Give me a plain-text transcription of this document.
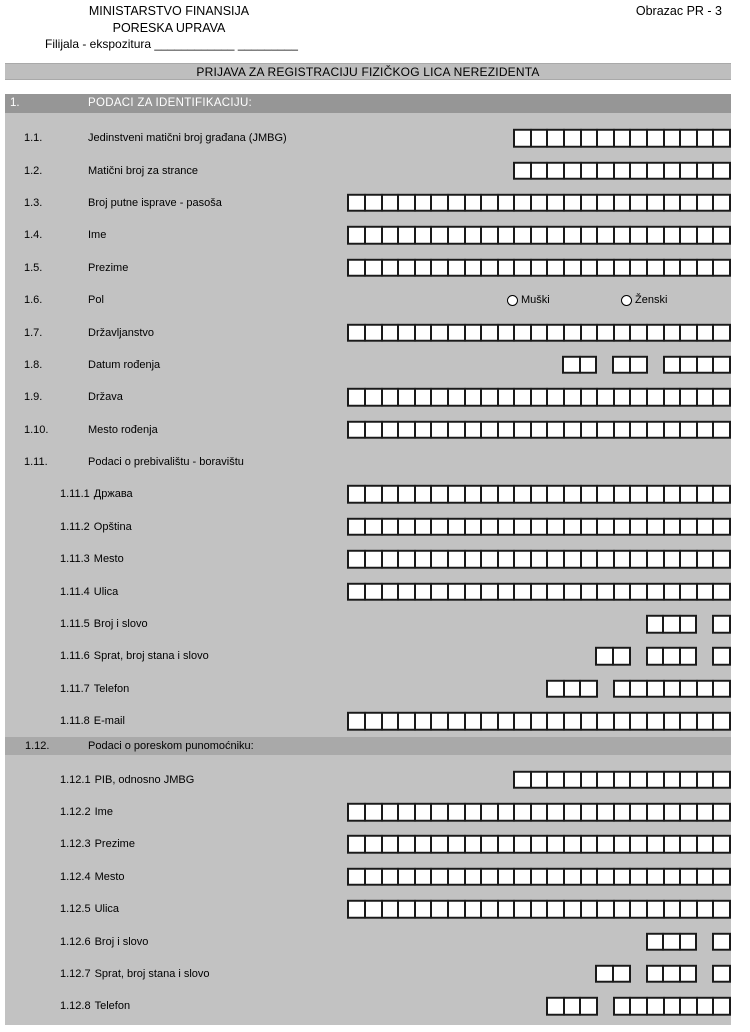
MINISTARSTVO FINANSIJA
PORESKA UPRAVA
Obrazac PR - 3
Filijala - ekspozitura ____________ _________
PRIJAVA ZA REGISTRACIJU FIZIČKOG LICA NEREZIDENTA
1.	PODACI ZA IDENTIFIKACIJU:
1.1.	Jedinstveni matični broj građana (JMBG)
1.2.	Matični broj za strance
1.3.	Broj putne isprave - pasoša
1.4.	Ime
1.5.	Prezime
1.6.	Pol	Muški	Ženski
1.7.	Državljanstvo
1.8.	Datum rođenja
1.9.	Država
1.10.	Mesto rođenja
1.11.	Podaci o prebivalištu - boravištu
1.11.1 Држава
1.11.2 Opština
1.11.3 Mesto
1.11.4 Ulica
1.11.5 Broj i slovo
1.11.6 Sprat, broj stana i slovo
1.11.7 Telefon
1.11.8 E-mail
1.12.	Podaci o poreskom punomoćniku:
1.12.1 PIB, odnosno JMBG
1.12.2 Ime
1.12.3 Prezime
1.12.4 Mesto
1.12.5 Ulica
1.12.6 Broj i slovo
1.12.7 Sprat, broj stana i slovo
1.12.8 Telefon
